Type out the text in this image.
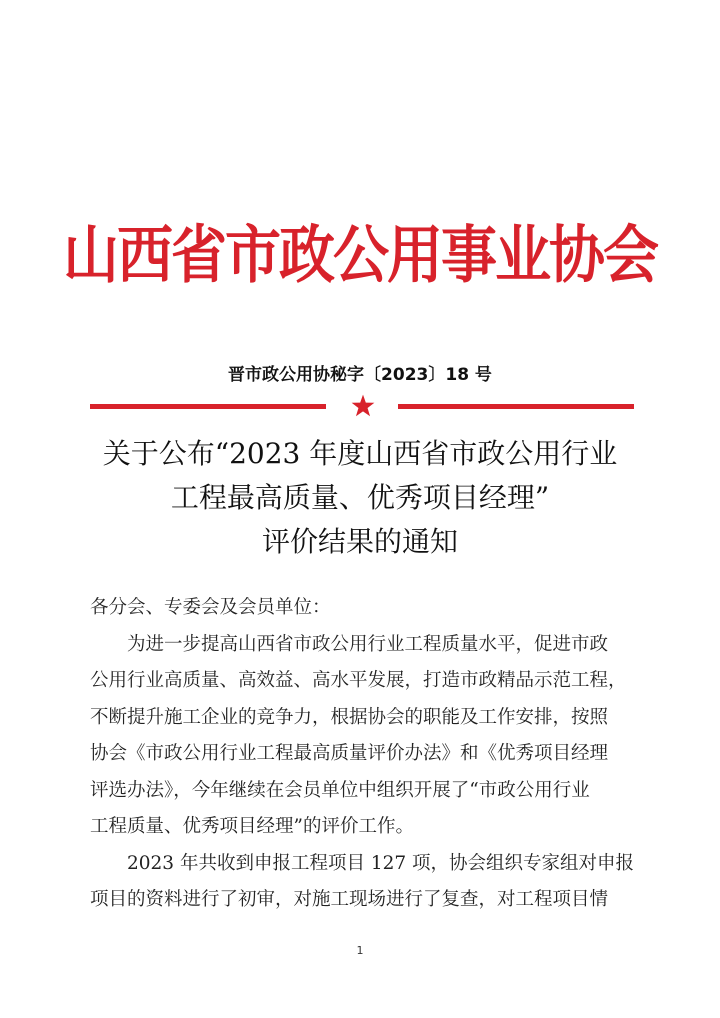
山西省市政公用事业协会
晋市政公用协秘字〔2023〕18 号
关于公布“2023 年度山西省市政公用行业
工程最高质量、优秀项目经理”
评价结果的通知

各分会、专委会及会员单位：

为进一步提高山西省市政公用行业工程质量水平，促进市政

公用行业高质量、高效益、高水平发展，打造市政精品示范工程，

不断提升施工企业的竞争力，根据协会的职能及工作安排，按照

协会《市政公用行业工程最高质量评价办法》和《优秀项目经理

评选办法》，今年继续在会员单位中组织开展了“市政公用行业

工程质量、优秀项目经理”的评价工作。

2023 年共收到申报工程项目 127 项，协会组织专家组对申报

项目的资料进行了初审，对施工现场进行了复查，对工程项目情

1
